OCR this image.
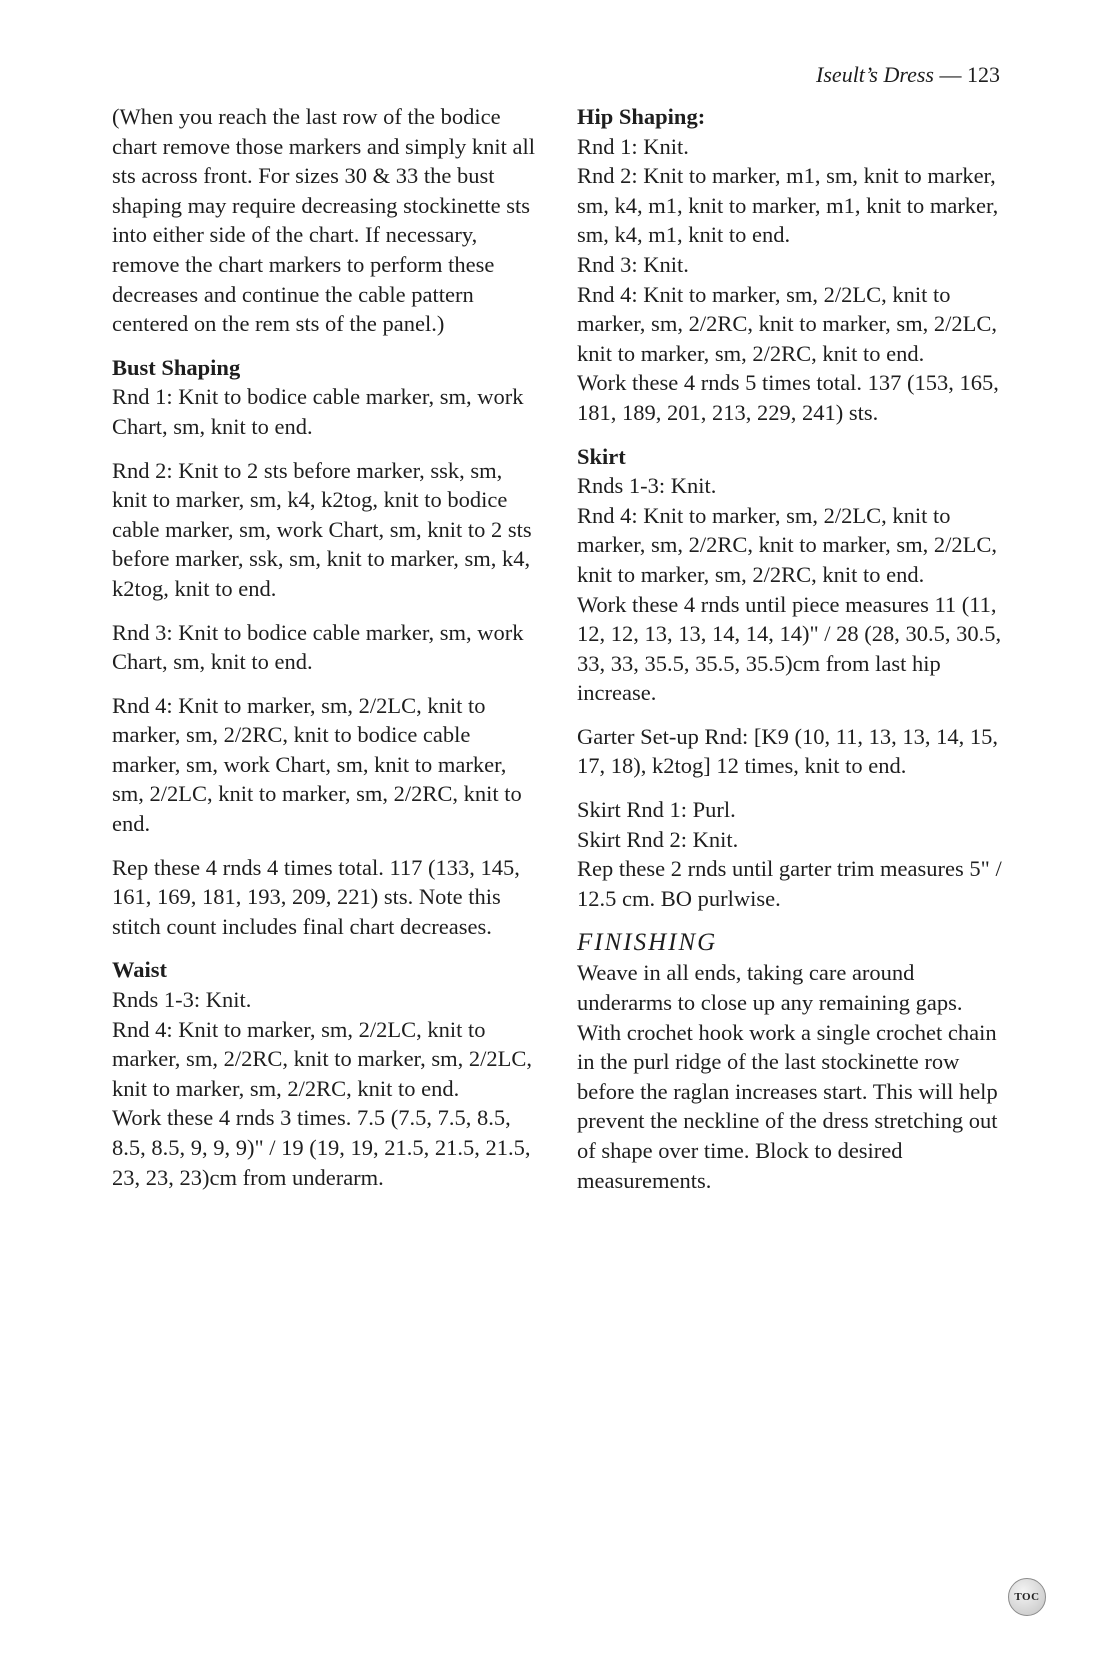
Iseult’s Dress — 123

(When you reach the last row of the bodice chart remove those markers and simply knit all sts across front. For sizes 30 & 33 the bust shaping may require decreasing stockinette sts into either side of the chart. If necessary, remove the chart markers to perform these decreases and continue the cable pattern centered on the rem sts of the panel.)

Bust Shaping

Rnd 1: Knit to bodice cable marker, sm, work Chart, sm, knit to end.

Rnd 2: Knit to 2 sts before marker, ssk, sm, knit to marker, sm, k4, k2tog, knit to bodice cable marker, sm, work Chart, sm, knit to 2 sts before marker, ssk, sm, knit to marker, sm, k4, k2tog, knit to end.

Rnd 3: Knit to bodice cable marker, sm, work Chart, sm, knit to end.

Rnd 4: Knit to marker, sm, 2/2LC, knit to marker, sm, 2/2RC, knit to bodice cable marker, sm, work Chart, sm, knit to marker, sm, 2/2LC, knit to marker, sm, 2/2RC, knit to end.

Rep these 4 rnds 4 times total. 117 (133, 145, 161, 169, 181, 193, 209, 221) sts. Note this stitch count includes final chart decreases.

Waist

Rnds 1-3: Knit.

Rnd 4: Knit to marker, sm, 2/2LC, knit to marker, sm, 2/2RC, knit to marker, sm, 2/2LC, knit to marker, sm, 2/2RC, knit to end.

Work these 4 rnds 3 times. 7.5 (7.5, 7.5, 8.5, 8.5, 8.5, 9, 9, 9)" / 19 (19, 19, 21.5, 21.5, 21.5, 23, 23, 23)cm from underarm.

Hip Shaping:

Rnd 1: Knit.

Rnd 2: Knit to marker, m1, sm, knit to marker, sm, k4, m1, knit to marker, m1, knit to marker, sm, k4, m1, knit to end.

Rnd 3: Knit.

Rnd 4: Knit to marker, sm, 2/2LC, knit to marker, sm, 2/2RC, knit to marker, sm, 2/2LC, knit to marker, sm, 2/2RC, knit to end.

Work these 4 rnds 5 times total. 137 (153, 165, 181, 189, 201, 213, 229, 241) sts.

Skirt

Rnds 1-3: Knit.

Rnd 4: Knit to marker, sm, 2/2LC, knit to marker, sm, 2/2RC, knit to marker, sm, 2/2LC, knit to marker, sm, 2/2RC, knit to end.

Work these 4 rnds until piece measures 11 (11, 12, 12, 13, 13, 14, 14, 14)" / 28 (28, 30.5, 30.5, 33, 33, 35.5, 35.5, 35.5)cm from last hip increase.

Garter Set-up Rnd: [K9 (10, 11, 13, 13, 14, 15, 17, 18), k2tog] 12 times, knit to end.

Skirt Rnd 1: Purl.

Skirt Rnd 2: Knit.

Rep these 2 rnds until garter trim measures 5" / 12.5 cm. BO purlwise.

FINISHING

Weave in all ends, taking care around underarms to close up any remaining gaps. With crochet hook work a single crochet chain in the purl ridge of the last stockinette row before the raglan increases start. This will help prevent the neckline of the dress stretching out of shape over time. Block to desired measurements.

TOC
